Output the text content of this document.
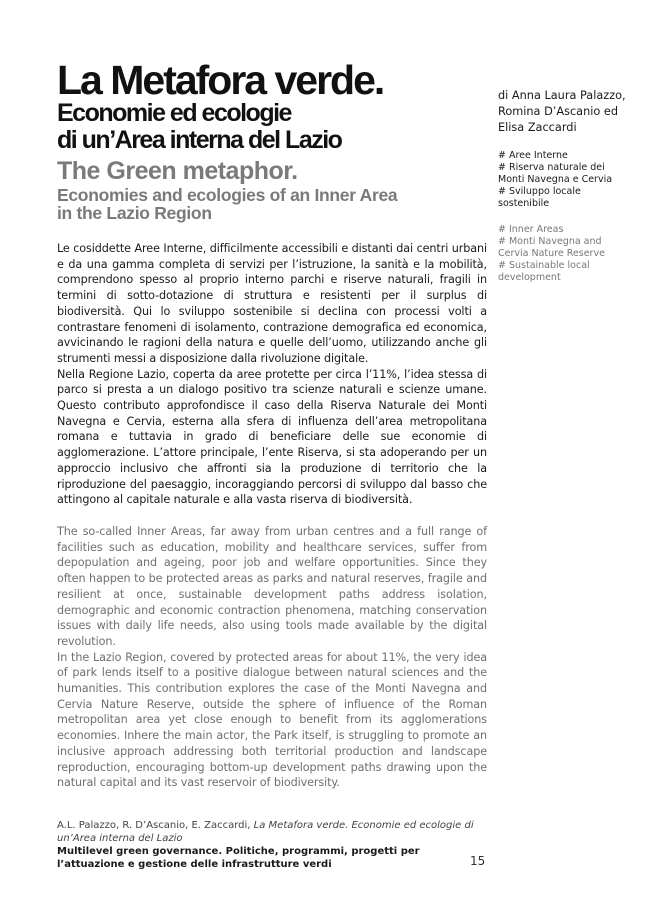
La Metafora verde.
Economie ed ecologie
di un’Area interna del Lazio
The Green metaphor.
Economies and ecologies of an Inner Area
in the Lazio Region
di Anna Laura Palazzo,
Romina D’Ascanio ed
Elisa Zaccardi
# Aree Interne
# Riserva naturale dei
Monti Navegna e Cervia
# Sviluppo locale
sostenibile
# Inner Areas
# Monti Navegna and
Cervia Nature Reserve
# Sustainable local
development

Le cosiddette Aree Interne, difficilmente accessibili e distanti dai centri urbani e da una gamma completa di servizi per l’istruzione, la sanità e la mobilità, comprendono spesso al proprio interno parchi e riserve naturali, fragili in termini di sotto-dotazione di struttura e resistenti per il surplus di biodiversità. Qui lo sviluppo sostenibile si declina con processi volti a contrastare fenomeni di isolamento, contrazione demografica ed economica, avvicinando le ragioni della natura e quelle dell’uomo, utilizzando anche gli strumenti messi a disposizione dalla rivoluzione digitale.

Nella Regione Lazio, coperta da aree protette per circa l’11%, l’idea stessa di parco si presta a un dialogo positivo tra scienze naturali e scienze umane. Questo contributo approfondisce il caso della Riserva Naturale dei Monti Navegna e Cervia, esterna alla sfera di influenza dell’area metropolitana romana e tuttavia in grado di beneficiare delle sue economie di agglomerazione. L’attore principale, l’ente Riserva, si sta adoperando per un approccio inclusivo che affronti sia la produzione di territorio che la riproduzione del paesaggio, incoraggiando percorsi di sviluppo dal basso che attingono al capitale naturale e alla vasta riserva di biodiversità.

The so-called Inner Areas, far away from urban centres and a full range of facilities such as education, mobility and healthcare services, suffer from depopulation and ageing, poor job and welfare opportunities. Since they often happen to be protected areas as parks and natural reserves, fragile and resilient at once, sustainable development paths address isolation, demographic and economic contraction phenomena, matching conservation issues with daily life needs, also using tools made available by the digital revolution.

In the Lazio Region, covered by protected areas for about 11%, the very idea of park lends itself to a positive dialogue between natural sciences and the humanities. This contribution explores the case of the Monti Navegna and Cervia Nature Reserve, outside the sphere of influence of the Roman metropolitan area yet close enough to benefit from its agglomerations economies. Inhere the main actor, the Park itself, is struggling to promote an inclusive approach addressing both territorial production and landscape reproduction, encouraging bottom-up development paths drawing upon the natural capital and its vast reservoir of biodiversity.

A.L. Palazzo, R. D’Ascanio, E. Zaccardi, La Metafora verde. Economie ed ecologie di un’Area interna del Lazio
Multilevel green governance. Politiche, programmi, progetti per l’attuazione e gestione delle infrastrutture verdi	15
